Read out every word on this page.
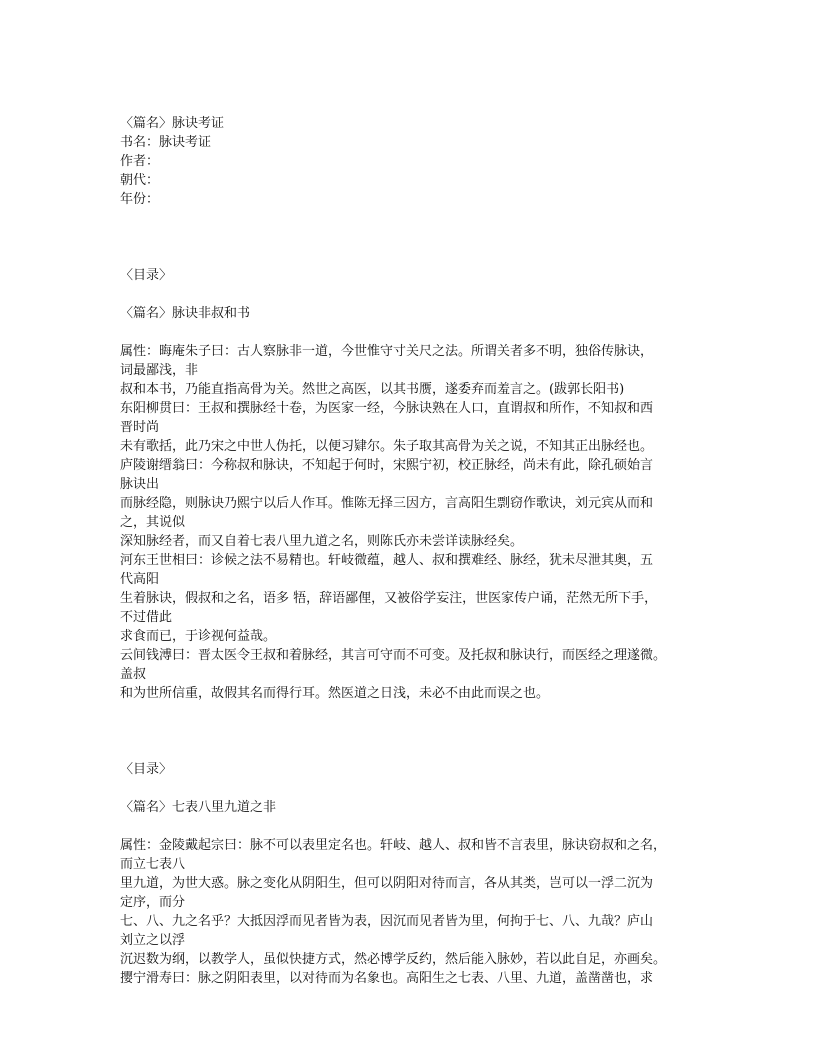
〈篇名〉脉诀考证

书名：脉诀考证

作者：

朝代：

年份：

〈目录〉

〈篇名〉脉诀非叔和书

属性：晦庵朱子曰：古人察脉非一道，今世惟守寸关尺之法。所谓关者多不明，独俗传脉诀，

词最鄙浅，非

叔和本书，乃能直指高骨为关。然世之高医，以其书赝，遂委弃而羞言之。(跋郭长阳书)

东阳柳贯曰：王叔和撰脉经十卷，为医家一经，今脉诀熟在人口，直谓叔和所作，不知叔和西

晋时尚

未有歌括，此乃宋之中世人伪托，以便习肄尔。朱子取其高骨为关之说，不知其正出脉经也。

庐陵谢缙翁曰：今称叔和脉诀，不知起于何时，宋熙宁初，校正脉经，尚未有此，除孔硕始言

脉诀出

而脉经隐，则脉诀乃熙宁以后人作耳。惟陈无择三因方，言高阳生剽窃作歌诀，刘元宾从而和

之，其说似

深知脉经者，而又自着七表八里九道之名，则陈氏亦未尝详读脉经矣。

河东王世相曰：诊候之法不易精也。轩岐微蕴，越人、叔和撰难经、脉经，犹未尽泄其奥，五

代高阳

生着脉诀，假叔和之名，语多 牾，辞语鄙俚，又被俗学妄注，世医家传户诵，茫然无所下手，

不过借此

求食而已，于诊视何益哉。

云间钱溥曰：晋太医令王叔和着脉经，其言可守而不可变。及托叔和脉诀行，而医经之理遂微。

盖叔

和为世所信重，故假其名而得行耳。然医道之日浅，未必不由此而误之也。

〈目录〉

〈篇名〉七表八里九道之非

属性：金陵戴起宗曰：脉不可以表里定名也。轩岐、越人、叔和皆不言表里，脉诀窃叔和之名，

而立七表八

里九道，为世大惑。脉之变化从阴阳生，但可以阴阳对待而言，各从其类，岂可以一浮二沉为

定序，而分

七、八、九之名乎？大抵因浮而见者皆为表，因沉而见者皆为里，何拘于七、八、九哉？庐山

刘立之以浮

沉迟数为纲，以教学人，虽似快捷方式，然必博学反约，然后能入脉妙，若以此自足，亦画矣。

撄宁滑寿曰：脉之阴阳表里，以对待而为名象也。高阳生之七表、八里、九道，盖凿凿也，求
